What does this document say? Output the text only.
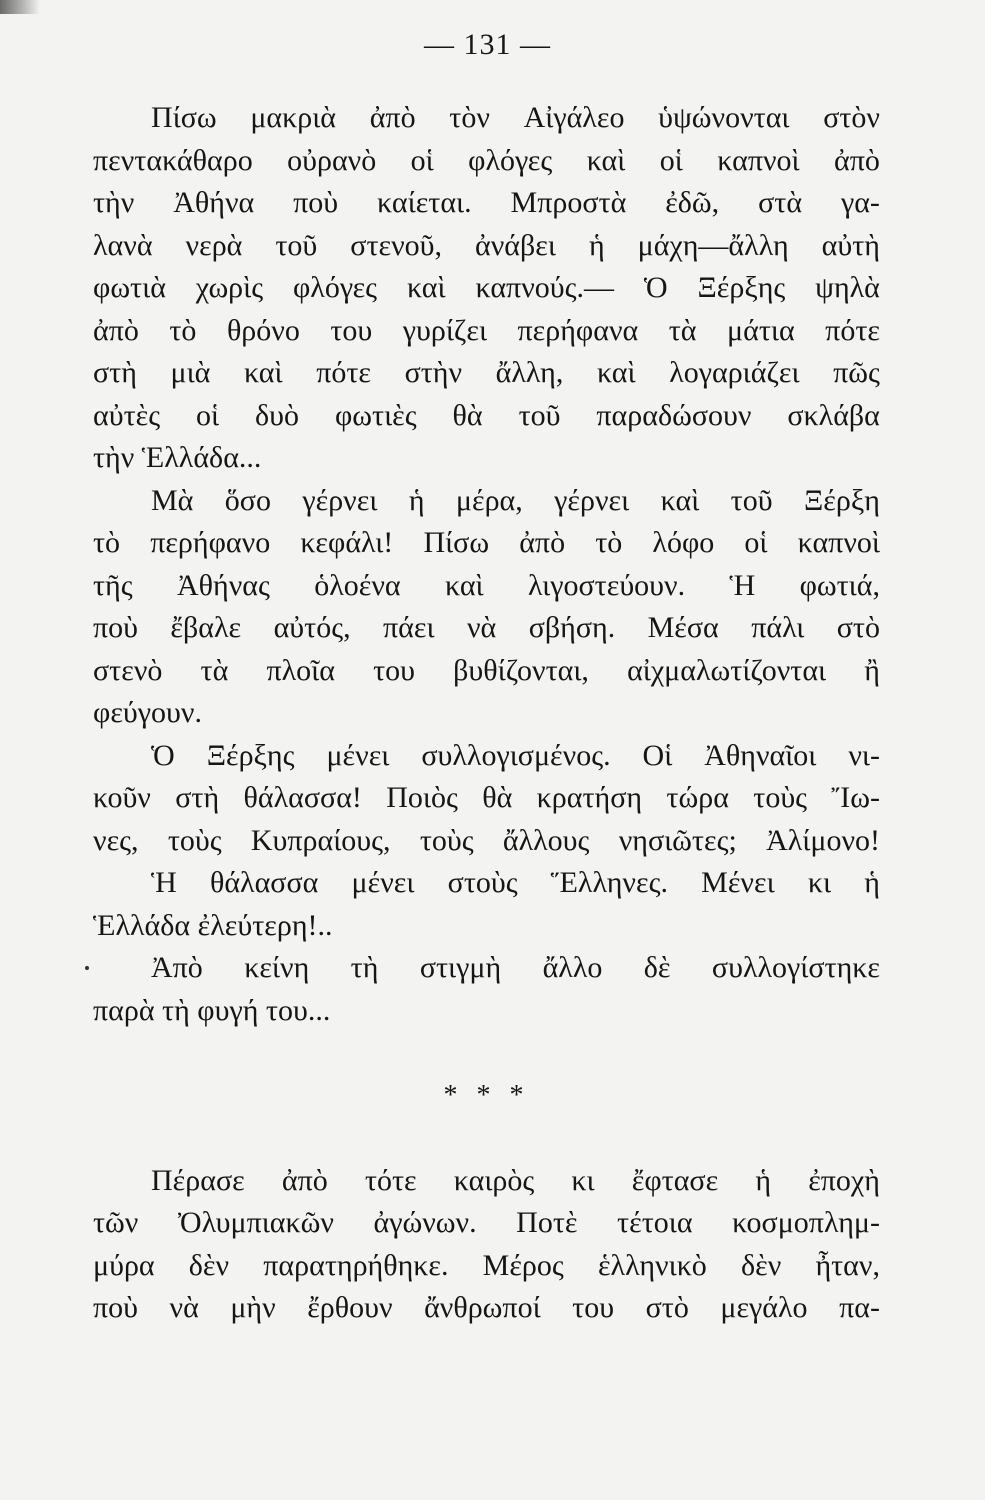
— 131 —
Πίσω μακριὰ ἀπὸ τὸν Αἰγάλεο ὑψώνονται στὸν
πεντακάθαρο οὐρανὸ οἱ φλόγες καὶ οἱ καπνοὶ ἀπὸ
τὴν Ἀθήνα ποὺ καίεται. Μπροστὰ ἐδῶ, στὰ γα-
λανὰ νερὰ τοῦ στενοῦ, ἀνάβει ἡ μάχη—ἄλλη αὐτὴ
φωτιὰ χωρὶς φλόγες καὶ καπνούς.— Ὁ Ξέρξης ψηλὰ
ἀπὸ τὸ θρόνο του γυρίζει περήφανα τὰ μάτια πότε
στὴ μιὰ καὶ πότε στὴν ἄλλη, καὶ λογαριάζει πῶς
αὐτὲς οἱ δυὸ φωτιὲς θὰ τοῦ παραδώσουν σκλάβα
τὴν Ἑλλάδα...
Μὰ ὅσο γέρνει ἡ μέρα, γέρνει καὶ τοῦ Ξέρξη
τὸ περήφανο κεφάλι! Πίσω ἀπὸ τὸ λόφο οἱ καπνοὶ
τῆς Ἀθήνας ὁλοένα καὶ λιγοστεύουν. Ἡ φωτιά,
ποὺ ἔβαλε αὐτός, πάει νὰ σβήση. Μέσα πάλι στὸ
στενὸ τὰ πλοῖα του βυθίζονται, αἰχμαλωτίζονται ἢ
φεύγουν.
Ὁ Ξέρξης μένει συλλογισμένος. Οἱ Ἀθηναῖοι νι-
κοῦν στὴ θάλασσα! Ποιὸς θὰ κρατήση τώρα τοὺς Ἴω-
νες, τοὺς Κυπραίους, τοὺς ἄλλους νησιῶτες; Ἀλίμονο!
Ἡ θάλασσα μένει στοὺς Ἕλληνες. Μένει κι ἡ
Ἑλλάδα ἐλεύτερη!..
Ἀπὸ κείνη τὴ στιγμὴ ἄλλο δὲ συλλογίστηκε
παρὰ τὴ φυγή του...
* * *
Πέρασε ἀπὸ τότε καιρὸς κι ἔφτασε ἡ ἐποχὴ
τῶν Ὀλυμπιακῶν ἀγώνων. Ποτὲ τέτοια κοσμοπλημ-
μύρα δὲν παρατηρήθηκε. Μέρος ἑλληνικὸ δὲν ἦταν,
ποὺ νὰ μὴν ἔρθουν ἄνθρωποί του στὸ μεγάλο πα-
